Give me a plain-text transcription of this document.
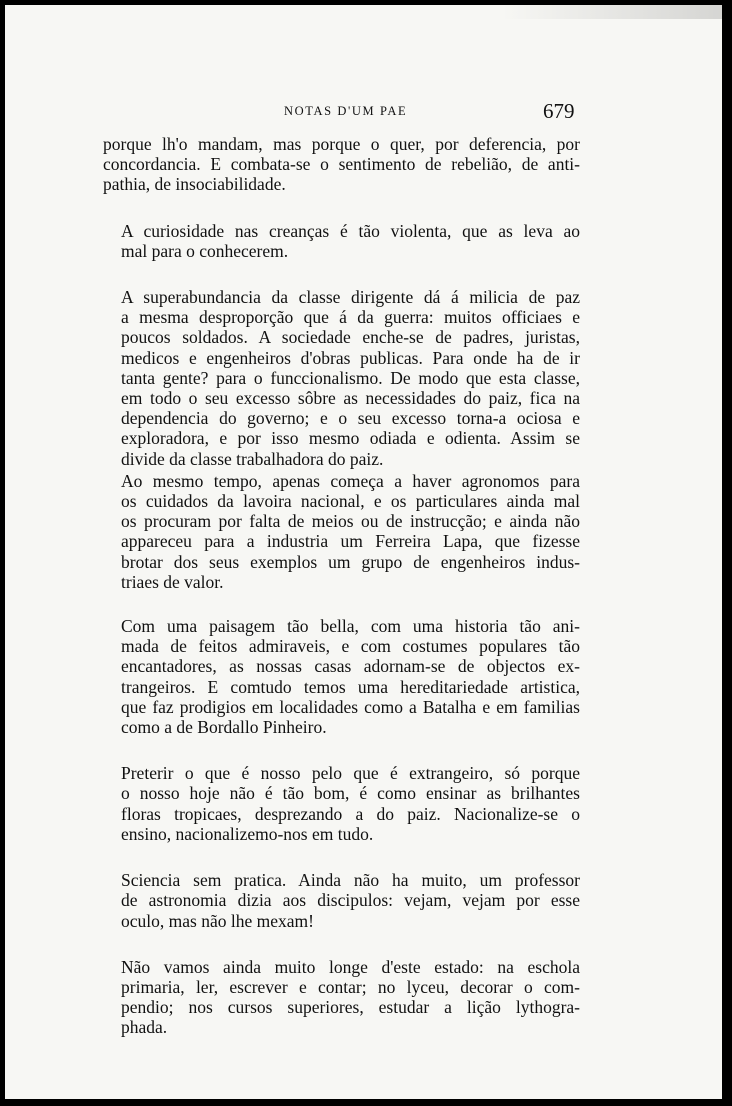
NOTAS D'UM PAE	679

porque lh'o mandam, mas porque o quer, por deferencia, por
concordancia. E combata-se o sentimento de rebelião, de anti-
pathia, de insociabilidade.

A curiosidade nas creanças é tão violenta, que as leva ao
mal para o conhecerem.

A superabundancia da classe dirigente dá á milicia de paz
a mesma desproporção que á da guerra: muitos officiaes e
poucos soldados. A sociedade enche-se de padres, juristas,
medicos e engenheiros d'obras publicas. Para onde ha de ir
tanta gente? para o funccionalismo. De modo que esta classe,
em todo o seu excesso sôbre as necessidades do paiz, fica na
dependencia do governo; e o seu excesso torna-a ociosa e
exploradora, e por isso mesmo odiada e odienta. Assim se
divide da classe trabalhadora do paiz.

Ao mesmo tempo, apenas começa a haver agronomos para
os cuidados da lavoira nacional, e os particulares ainda mal
os procuram por falta de meios ou de instrucção; e ainda não
appareceu para a industria um Ferreira Lapa, que fizesse
brotar dos seus exemplos um grupo de engenheiros indus-
triaes de valor.

Com uma paisagem tão bella, com uma historia tão ani-
mada de feitos admiraveis, e com costumes populares tão
encantadores, as nossas casas adornam-se de objectos ex-
trangeiros. E comtudo temos uma hereditariedade artistica,
que faz prodigios em localidades como a Batalha e em familias
como a de Bordallo Pinheiro.

Preterir o que é nosso pelo que é extrangeiro, só porque
o nosso hoje não é tão bom, é como ensinar as brilhantes
floras tropicaes, desprezando a do paiz. Nacionalize-se o
ensino, nacionalizemo-nos em tudo.

Sciencia sem pratica. Ainda não ha muito, um professor
de astronomia dizia aos discipulos: vejam, vejam por esse
oculo, mas não lhe mexam!

Não vamos ainda muito longe d'este estado: na eschola
primaria, ler, escrever e contar; no lyceu, decorar o com-
pendio; nos cursos superiores, estudar a lição lythogra-
phada.
